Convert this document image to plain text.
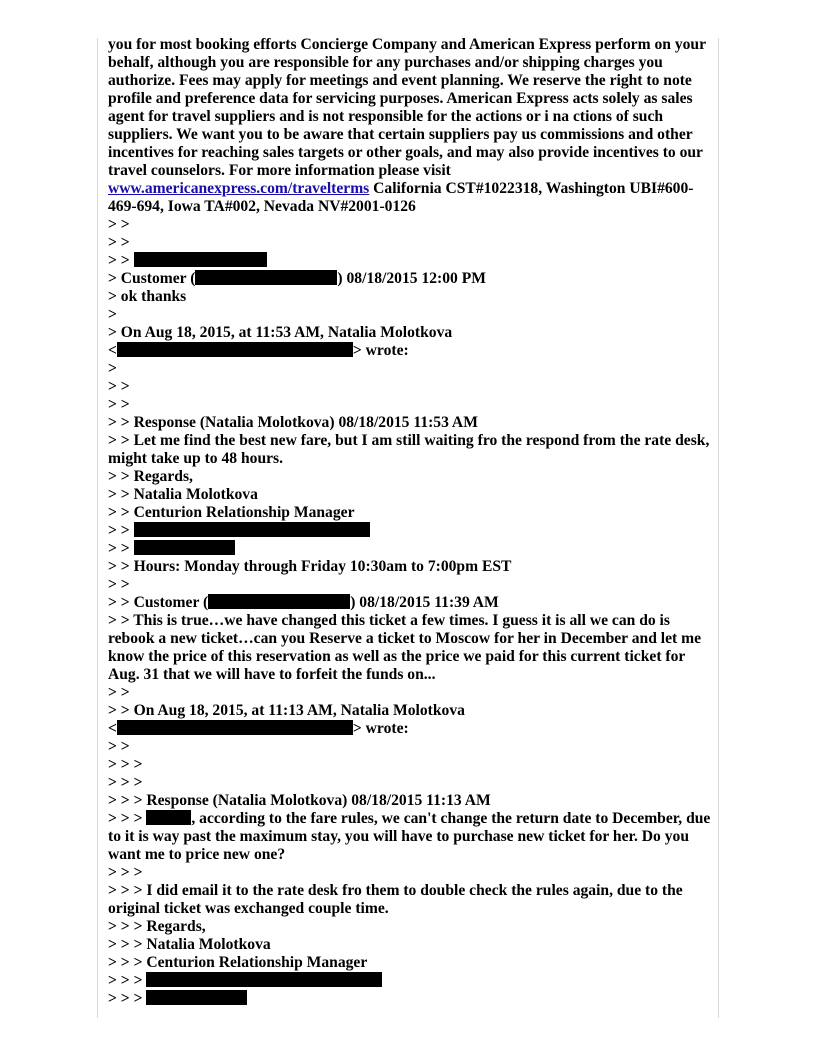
you for most booking efforts Concierge Company and American Express perform on your behalf, although you are responsible for any purchases and/or shipping charges you authorize. Fees may apply for meetings and event planning. We reserve the right to note profile and preference data for servicing purposes. American Express acts solely as sales agent for travel suppliers and is not responsible for the actions or i na ctions of such suppliers. We want you to be aware that certain suppliers pay us commissions and other incentives for reaching sales targets or other goals, and may also provide incentives to our travel counselors. For more information please visit
www.americanexpress.com/travelterms California CST#1022318, Washington UBI#600-469-694, Iowa TA#002, Nevada NV#2001-0126
> >
> >
> >
> Customer (	) 08/18/2015 12:00 PM
> ok thanks
>
> On Aug 18, 2015, at 11:53 AM, Natalia Molotkova
<	> wrote:
>
> >
> >
> > Response (Natalia Molotkova) 08/18/2015 11:53 AM
> > Let me find the best new fare, but I am still waiting fro the respond from the rate desk, might take up to 48 hours.
> > Regards,
> > Natalia Molotkova
> > Centurion Relationship Manager
> >
> >
> > Hours: Monday through Friday 10:30am to 7:00pm EST
> >
> > Customer (	) 08/18/2015 11:39 AM
> > This is true…we have changed this ticket a few times. I guess it is all we can do is rebook a new ticket…can you Reserve a ticket to Moscow for her in December and let me know the price of this reservation as well as the price we paid for this current ticket for Aug. 31 that we will have to forfeit the funds on...
> >
> > On Aug 18, 2015, at 11:13 AM, Natalia Molotkova
<	> wrote:
> >
> > >
> > >
> > > Response (Natalia Molotkova) 08/18/2015 11:13 AM
> > >	, according to the fare rules, we can't change the return date to December, due to it is way past the maximum stay, you will have to purchase new ticket for her. Do you want me to price new one?
> > >
> > > I did email it to the rate desk fro them to double check the rules again, due to the original ticket was exchanged couple time.
> > > Regards,
> > > Natalia Molotkova
> > > Centurion Relationship Manager
> > >
> > >
